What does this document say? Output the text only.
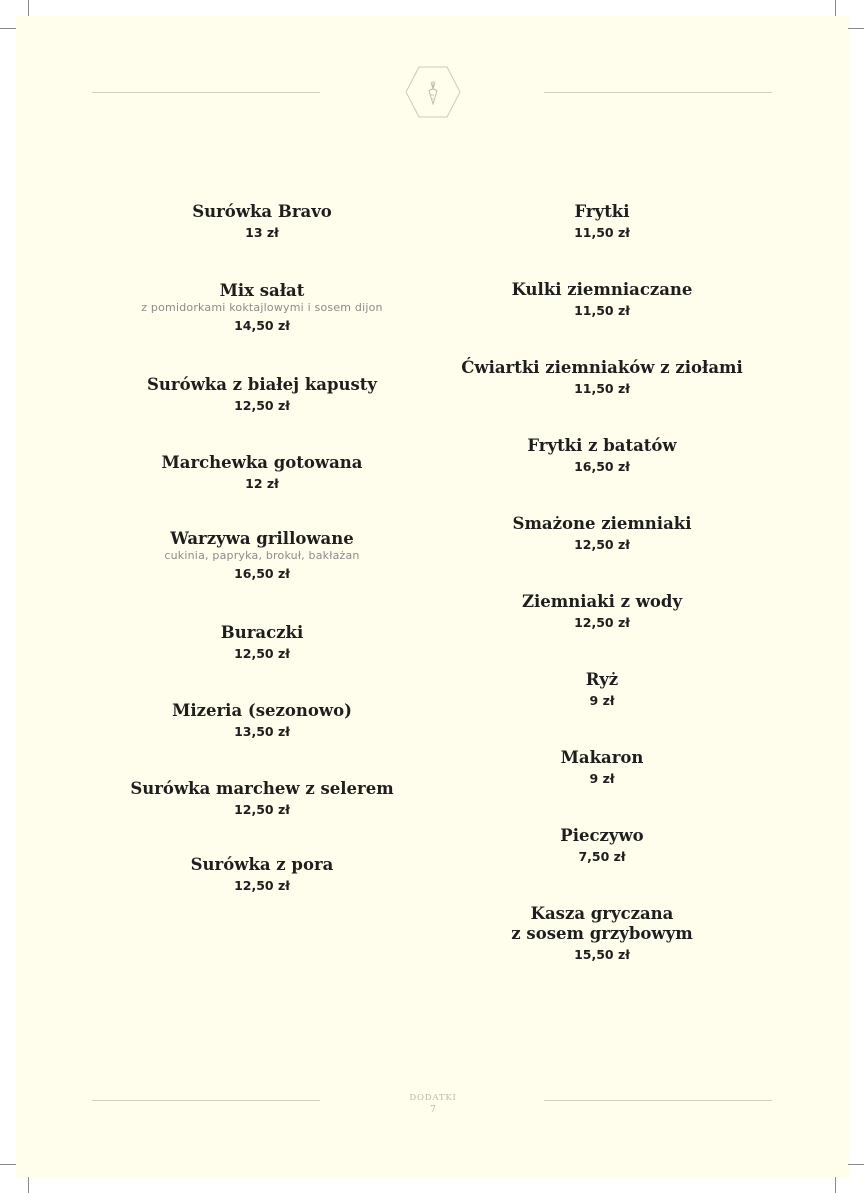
Surówka Bravo
13 zł
Mix sałat
z pomidorkami koktajlowymi i sosem dijon
14,50 zł
Surówka z białej kapusty
12,50 zł
Marchewka gotowana
12 zł
Warzywa grillowane
cukinia, papryka, brokuł, bakłażan
16,50 zł
Buraczki
12,50 zł
Mizeria (sezonowo)
13,50 zł
Surówka marchew z selerem
12,50 zł
Surówka z pora
12,50 zł
Frytki
11,50 zł
Kulki ziemniaczane
11,50 zł
Ćwiartki ziemniaków z ziołami
11,50 zł
Frytki z batatów
16,50 zł
Smażone ziemniaki
12,50 zł
Ziemniaki z wody
12,50 zł
Ryż
9 zł
Makaron
9 zł
Pieczywo
7,50 zł
Kasza gryczana
z sosem grzybowym
15,50 zł
DODATKI
7
